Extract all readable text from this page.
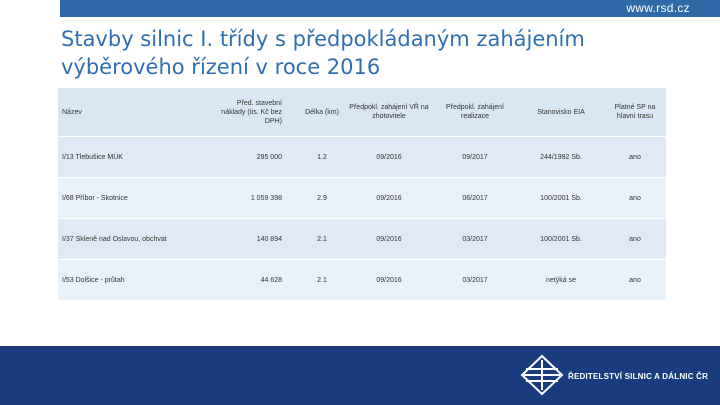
www.rsd.cz
Stavby silnic I. třídy s předpokládaným zahájením výběrového řízení v roce 2016
Název	Před. stavební náklady (tis. Kč bez DPH)	Délka (km)	Předpokl. zahájení VŘ na zhotovitele	Předpokl. zahájení realizace	Stanovisko EIA	Platné SP na hlavní trasu
I/13 Tlebušice MÚK	295 000	1.2	09/2016	09/2017	244/1992 Sb.	ano
I/68 Příbor - Skotnice	1 059 398	2.9	09/2016	06/2017	100/2001 Sb.	ano
I/37 Skleně nad Oslavou, obchvat	140 894	2.1	09/2016	03/2017	100/2001 Sb.	ano
I/53 Dolšice - průtah	44 628	2.1	09/2016	03/2017	netýká se	ano
ŘEDITELSTVÍ SILNIC A DÁLNIC ČR
